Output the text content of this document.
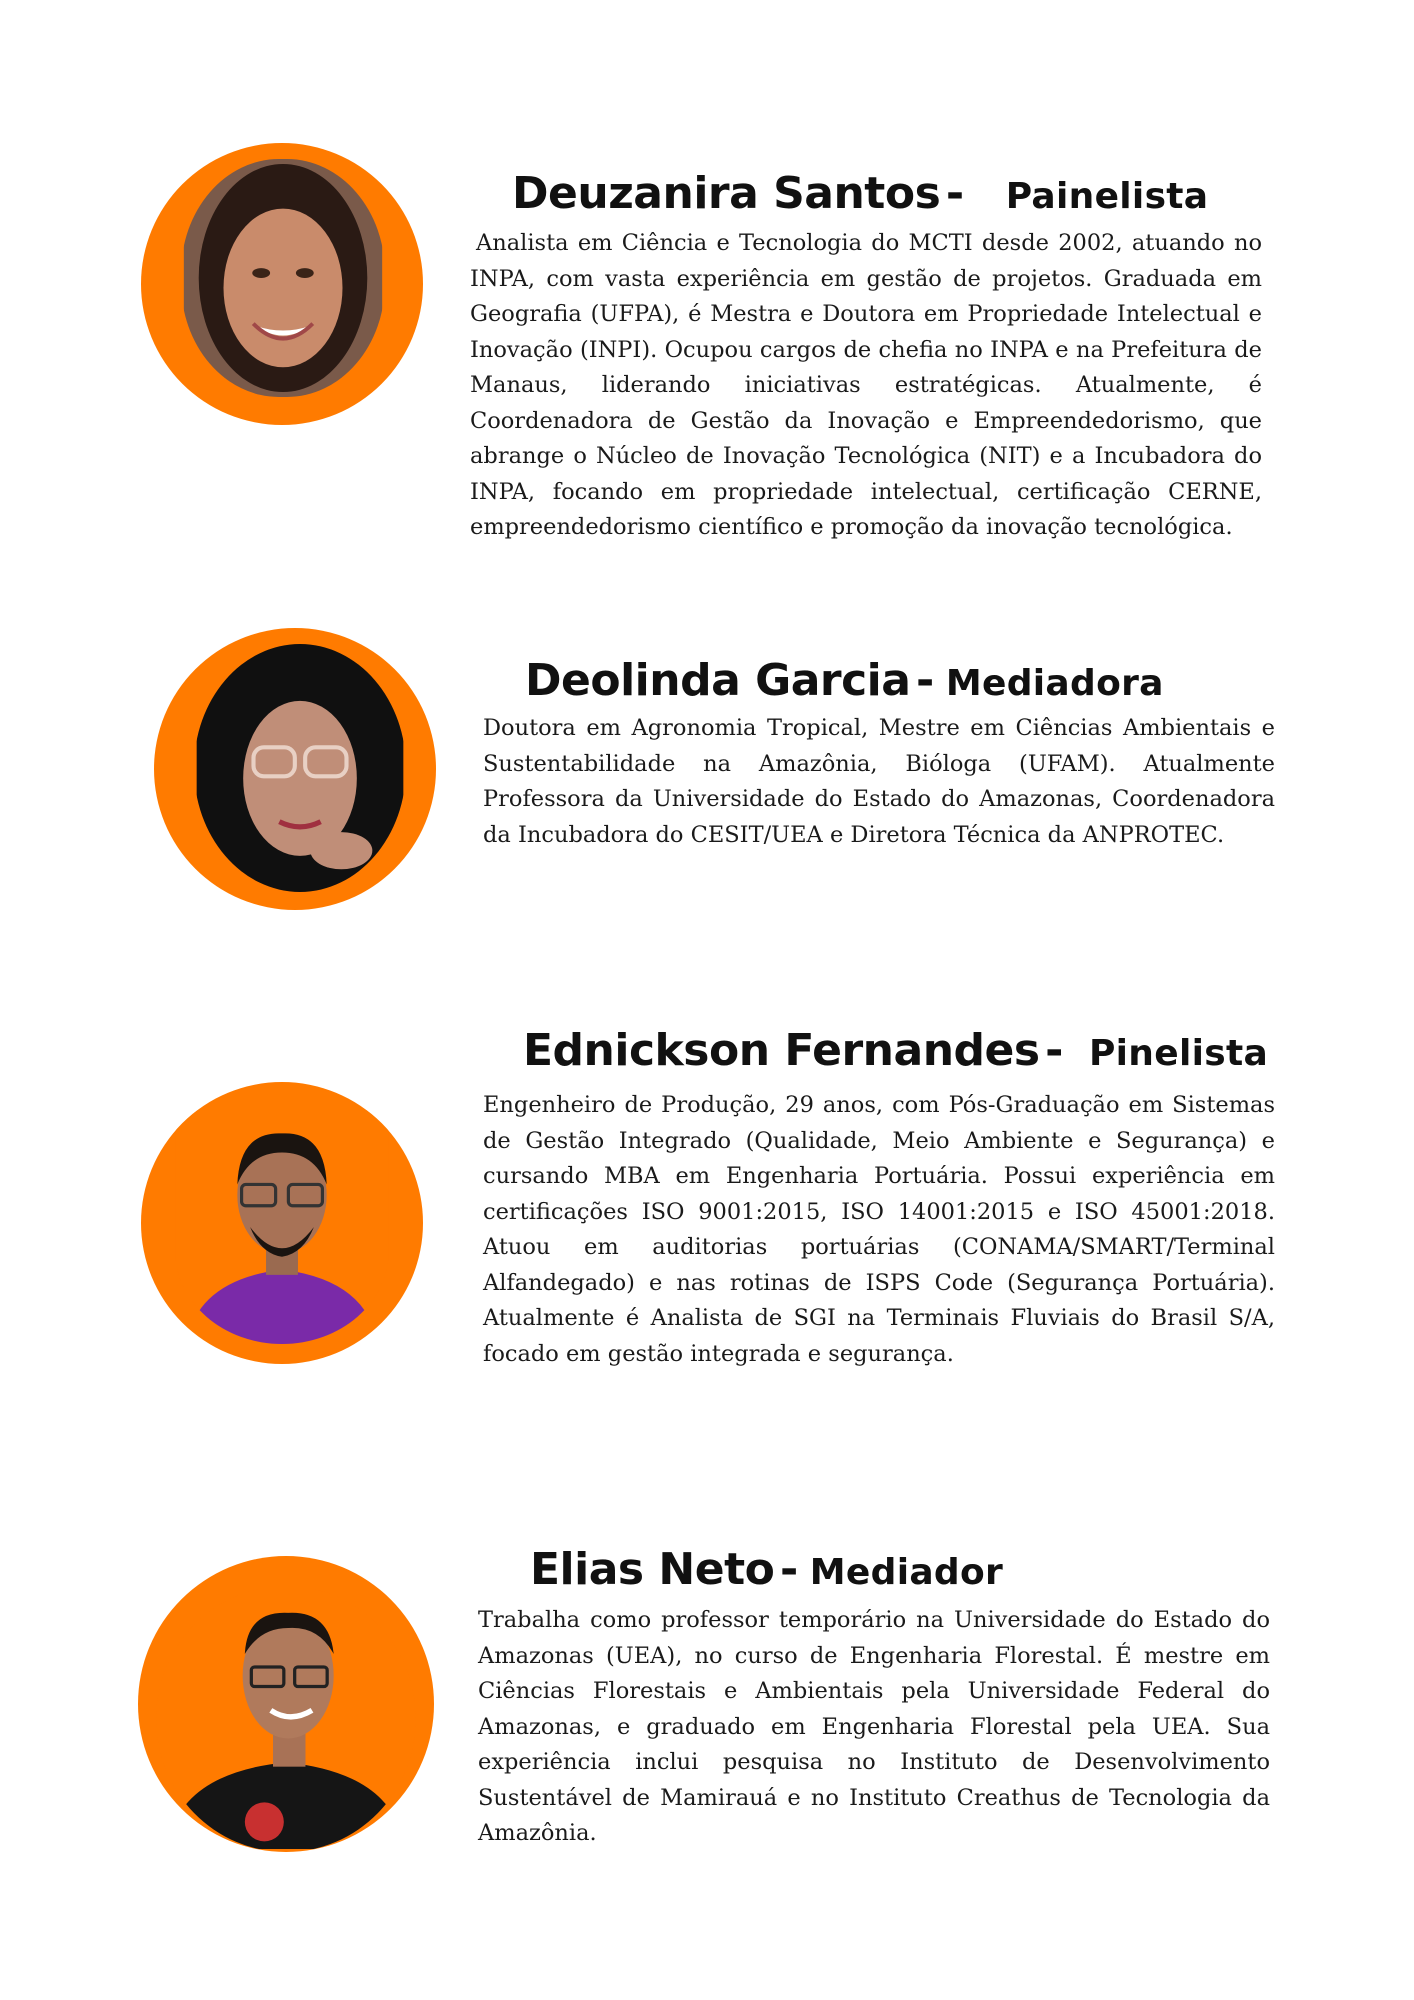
Deuzanira Santos - Painelista

Analista em Ciência e Tecnologia do MCTI desde 2002, atuando no INPA, com vasta experiência em gestão de projetos. Graduada em Geografia (UFPA), é Mestra e Doutora em Propriedade Intelectual e Inovação (INPI). Ocupou cargos de chefia no INPA e na Prefeitura de Manaus, liderando iniciativas estratégicas. Atualmente, é Coordenadora de Gestão da Inovação e Empreendedorismo, que abrange o Núcleo de Inovação Tecnológica (NIT) e a Incubadora do INPA, focando em propriedade intelectual, certificação CERNE, empreendedorismo científico e promoção da inovação tecnológica.

Deolinda Garcia - Mediadora

Doutora em Agronomia Tropical, Mestre em Ciências Ambientais e Sustentabilidade na Amazônia, Bióloga (UFAM). Atualmente Professora da Universidade do Estado do Amazonas, Coordenadora da Incubadora do CESIT/UEA e Diretora Técnica da ANPROTEC.

Ednickson Fernandes - Pinelista

Engenheiro de Produção, 29 anos, com Pós-Graduação em Sistemas de Gestão Integrado (Qualidade, Meio Ambiente e Segurança) e cursando MBA em Engenharia Portuária. Possui experiência em certificações ISO 9001:2015, ISO 14001:2015 e ISO 45001:2018. Atuou em auditorias portuárias (CONAMA/SMART/Terminal Alfandegado) e nas rotinas de ISPS Code (Segurança Portuária). Atualmente é Analista de SGI na Terminais Fluviais do Brasil S/A, focado em gestão integrada e segurança.

Elias Neto - Mediador

Trabalha como professor temporário na Universidade do Estado do Amazonas (UEA), no curso de Engenharia Florestal. É mestre em Ciências Florestais e Ambientais pela Universidade Federal do Amazonas, e graduado em Engenharia Florestal pela UEA. Sua experiência inclui pesquisa no Instituto de Desenvolvimento Sustentável de Mamirauá e no Instituto Creathus de Tecnologia da Amazônia.
